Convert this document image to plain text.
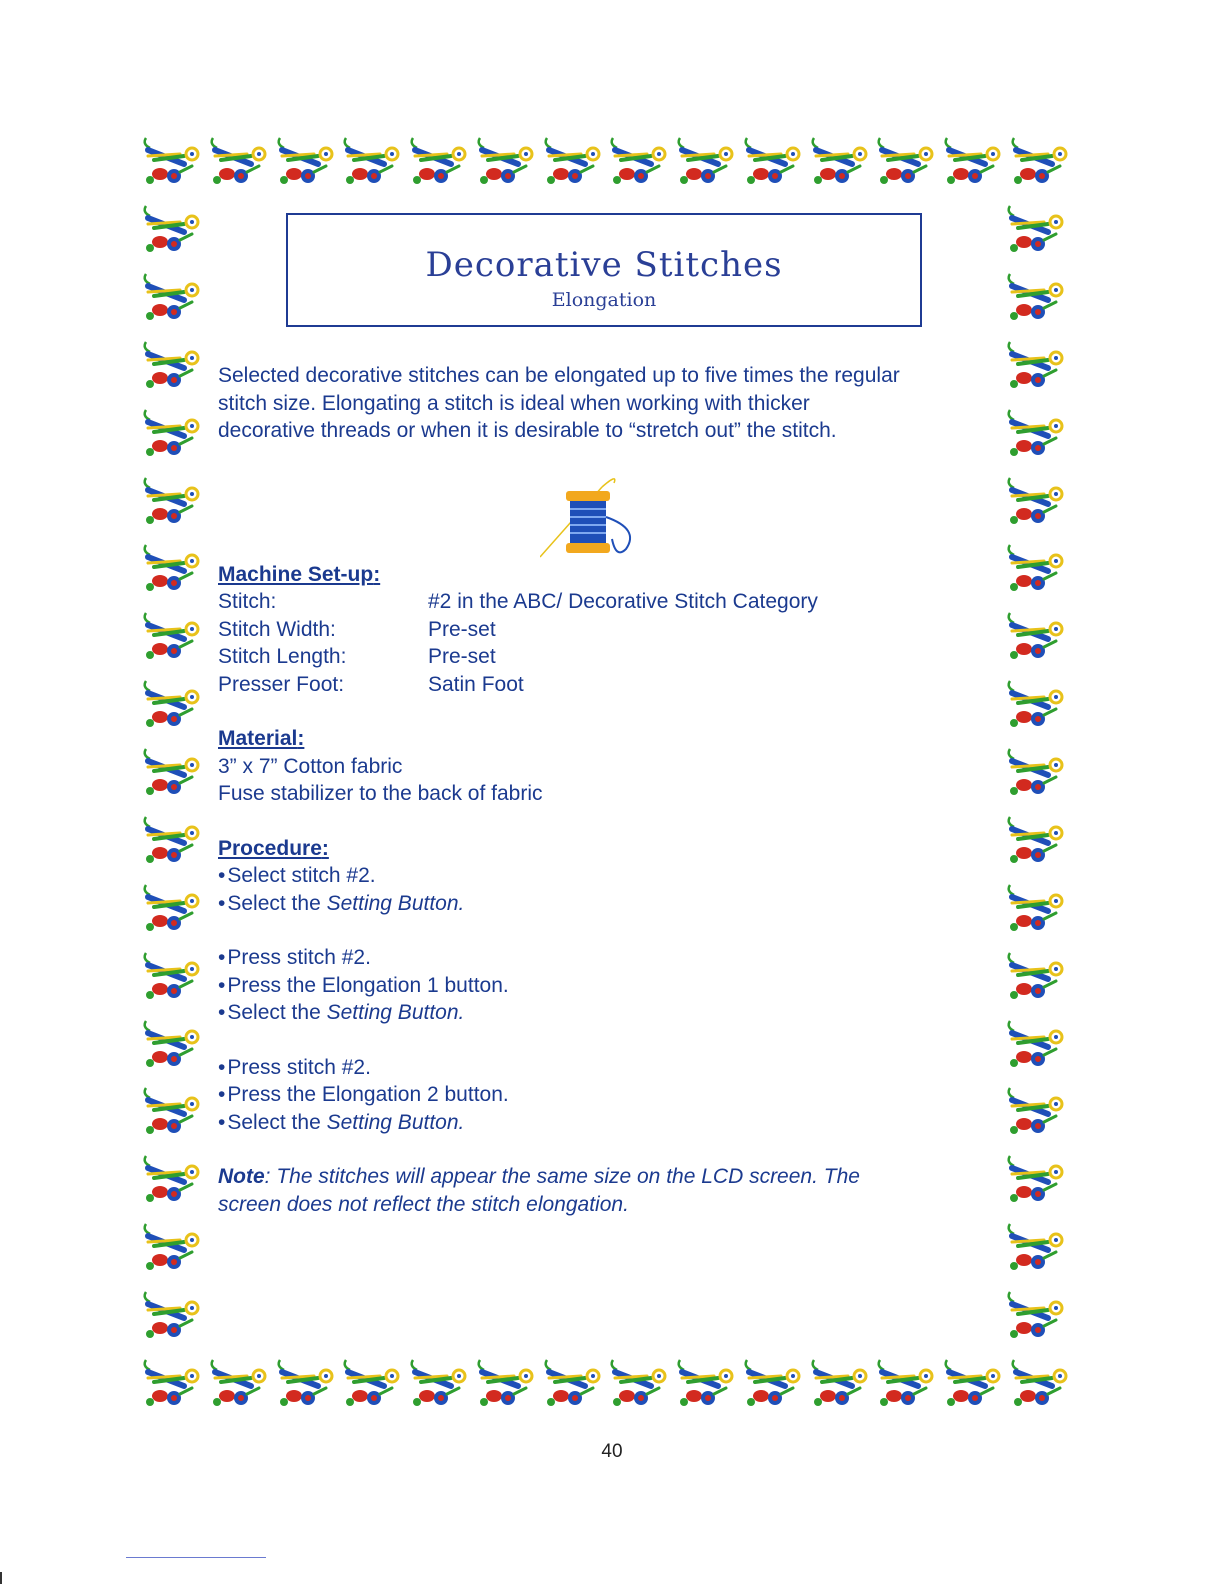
Decorative Stitches
Elongation

Selected decorative stitches can be elongated up to five times the regular

stitch size. Elongating a stitch is ideal when working with thicker

decorative threads or when it is desirable to “stretch out” the stitch.

Machine Set-up:

Stitch:	#2 in the ABC/ Decorative Stitch Category
Stitch Width:	Pre-set
Stitch Length:	Pre-set
Presser Foot:	Satin Foot

Material:

3” x 7” Cotton fabric

Fuse stabilizer to the back of fabric

Procedure:

• Select stitch #2.

• Select the Setting Button.

• Press stitch #2.

• Press the Elongation 1 button.

• Select the Setting Button.

• Press stitch #2.

• Press the Elongation 2 button.

• Select the Setting Button.

Note: The stitches will appear the same size on the LCD screen. The

screen does not reflect the stitch elongation.

40
